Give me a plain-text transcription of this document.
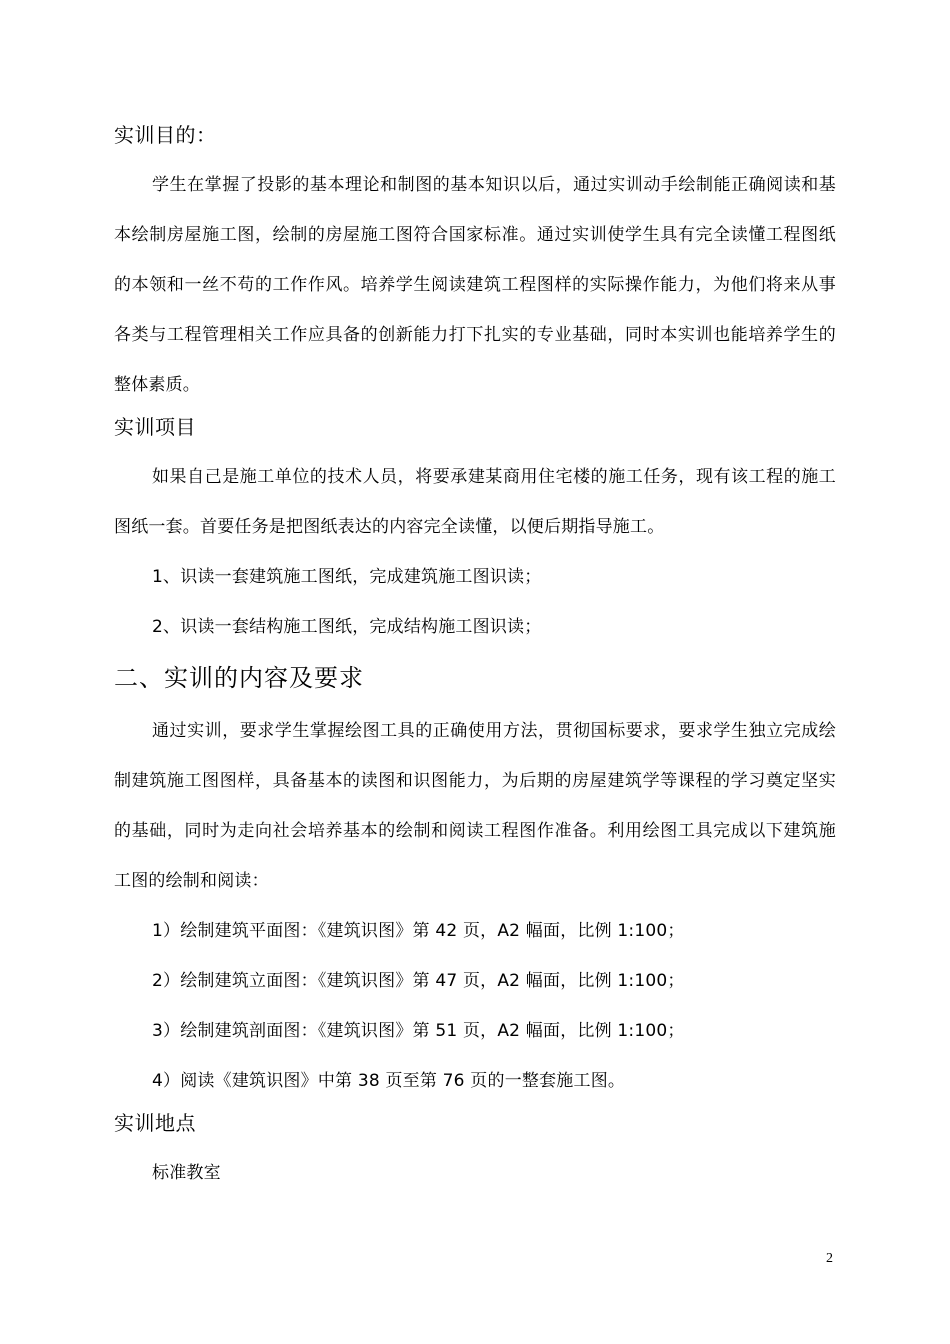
实训目的：

学生在掌握了投影的基本理论和制图的基本知识以后，通过实训动手绘制能正确阅读和基本绘制房屋施工图，绘制的房屋施工图符合国家标准。通过实训使学生具有完全读懂工程图纸的本领和一丝不苟的工作作风。培养学生阅读建筑工程图样的实际操作能力，为他们将来从事各类与工程管理相关工作应具备的创新能力打下扎实的专业基础，同时本实训也能培养学生的整体素质。

实训项目

如果自己是施工单位的技术人员，将要承建某商用住宅楼的施工任务，现有该工程的施工图纸一套。首要任务是把图纸表达的内容完全读懂，以便后期指导施工。

1、识读一套建筑施工图纸，完成建筑施工图识读；

2、识读一套结构施工图纸，完成结构施工图识读；

二、实训的内容及要求

通过实训，要求学生掌握绘图工具的正确使用方法，贯彻国标要求，要求学生独立完成绘制建筑施工图图样，具备基本的读图和识图能力，为后期的房屋建筑学等课程的学习奠定坚实的基础，同时为走向社会培养基本的绘制和阅读工程图作准备。利用绘图工具完成以下建筑施工图的绘制和阅读：

1）绘制建筑平面图：《建筑识图》第 42 页，A2 幅面，比例 1:100；

2）绘制建筑立面图：《建筑识图》第 47 页，A2 幅面，比例 1:100；

3）绘制建筑剖面图：《建筑识图》第 51 页，A2 幅面，比例 1:100；

4）阅读《建筑识图》中第 38 页至第 76 页的一整套施工图。

实训地点

标准教室

2
